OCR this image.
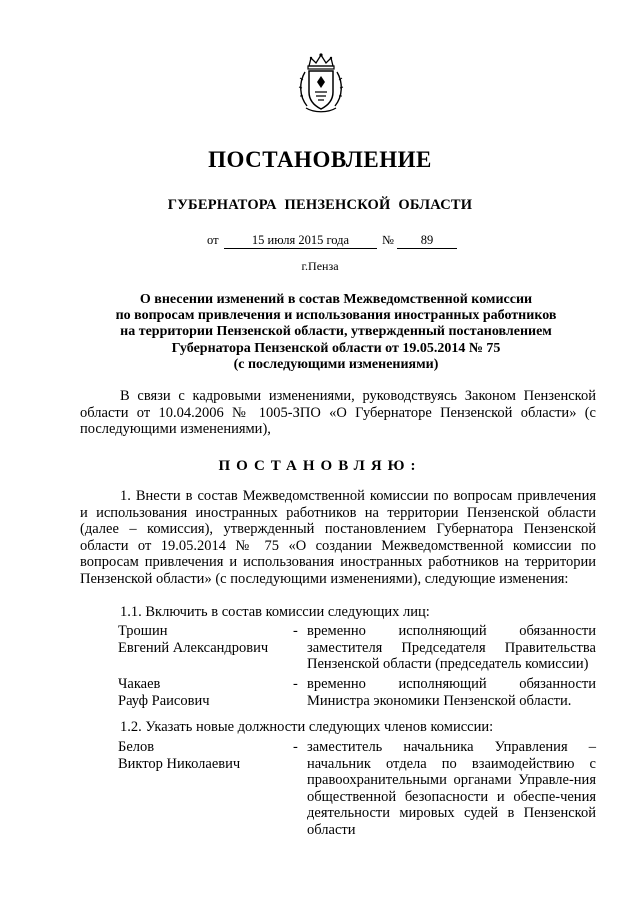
ПОСТАНОВЛЕНИЕ
ГУБЕРНАТОРА ПЕНЗЕНСКОЙ ОБЛАСТИ
от	15 июля 2015 года	№	89
г.Пенза
О внесении изменений в состав Межведомственной комиссии
по вопросам привлечения и использования иностранных работников
на территории Пензенской области, утвержденный постановлением
Губернатора Пензенской области от 19.05.2014 № 75
(с последующими изменениями)
В связи с кадровыми изменениями, руководствуясь Законом Пензенской области от 10.04.2006 № 1005-ЗПО «О Губернаторе Пензенской области» (с последующими изменениями),
ПОСТАНОВЛЯЮ:
1. Внести в состав Межведомственной комиссии по вопросам привлечения и использования иностранных работников на территории Пензенской области (далее – комиссия), утвержденный постановлением Губернатора Пензенской области от 19.05.2014 № 75 «О создании Межведомственной комиссии по вопросам привлечения и использования иностранных работников на территории Пензенской области» (с последующими изменениями), следующие изменения:
1.1. Включить в состав комиссии следующих лиц:
Трошин
Евгений Александрович
- временно исполняющий обязанности заместителя Председателя Правительства Пензенской области (председатель комиссии)
Чакаев
Рауф Раисович
- временно исполняющий обязанности Министра экономики Пензенской области.
1.2. Указать новые должности следующих членов комиссии:
Белов
Виктор Николаевич
- заместитель начальника Управления – начальник отдела по взаимодействию с правоохранительными органами Управле-ния общественной безопасности и обеспе-чения деятельности мировых судей в Пензенской области
